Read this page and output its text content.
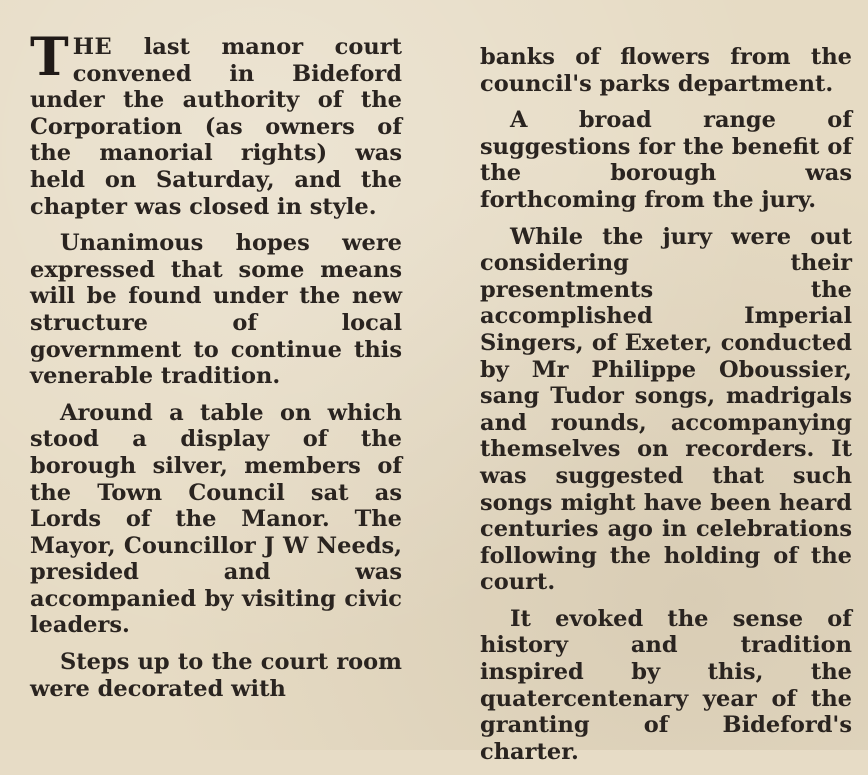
THE last manor court convened in Bideford under the authority of the Corporation (as owners of the manorial rights) was held on Saturday, and the chapter was closed in style.

Unanimous hopes were expressed that some means will be found under the new structure of local government to continue this venerable tradition.

Around a table on which stood a display of the borough silver, members of the Town Council sat as Lords of the Manor. The Mayor, Councillor J W Needs, presided and was accompanied by visiting civic leaders.

Steps up to the court room were decorated with

banks of flowers from the council's parks department.

A broad range of suggestions for the benefit of the borough was forthcoming from the jury.

While the jury were out considering their presentments the accomplished Imperial Singers, of Exeter, conducted by Mr Philippe Oboussier, sang Tudor songs, madrigals and rounds, accompanying themselves on recorders. It was suggested that such songs might have been heard centuries ago in celebrations following the holding of the court.

It evoked the sense of history and tradition inspired by this, the quatercentenary year of the granting of Bideford's charter.
